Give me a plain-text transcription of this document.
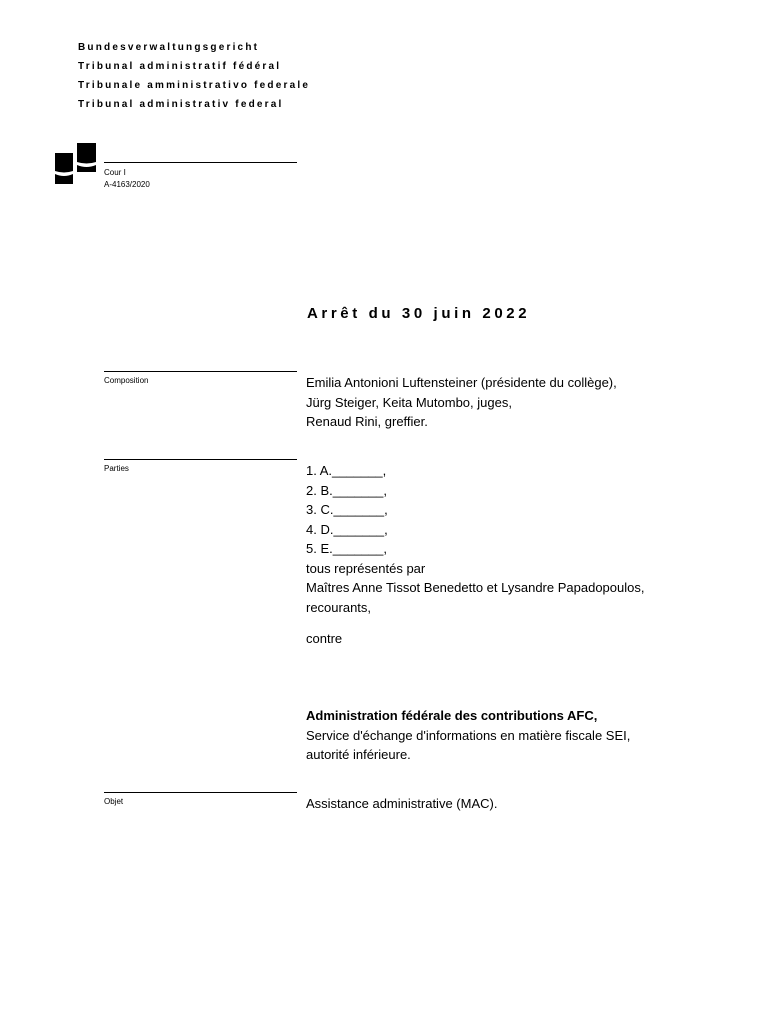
Bundesverwaltungsgericht
Tribunal administratif fédéral
Tribunale amministrativo federale
Tribunal administrativ federal
Cour I
A-4163/2020
Arrêt du 30 juin 2022
Composition	Emilia Antonioni Luftensteiner (présidente du collège),
Jürg Steiger, Keita Mutombo, juges,
Renaud Rini, greffier.
Parties	1. A._______,
2. B._______,
3. C._______,
4. D._______,
5. E._______,
tous représentés par
Maîtres Anne Tissot Benedetto et Lysandre Papadopoulos,
recourants,
contre
Administration fédérale des contributions AFC,
Service d'échange d'informations en matière fiscale SEI,
autorité inférieure.
Objet	Assistance administrative (MAC).
